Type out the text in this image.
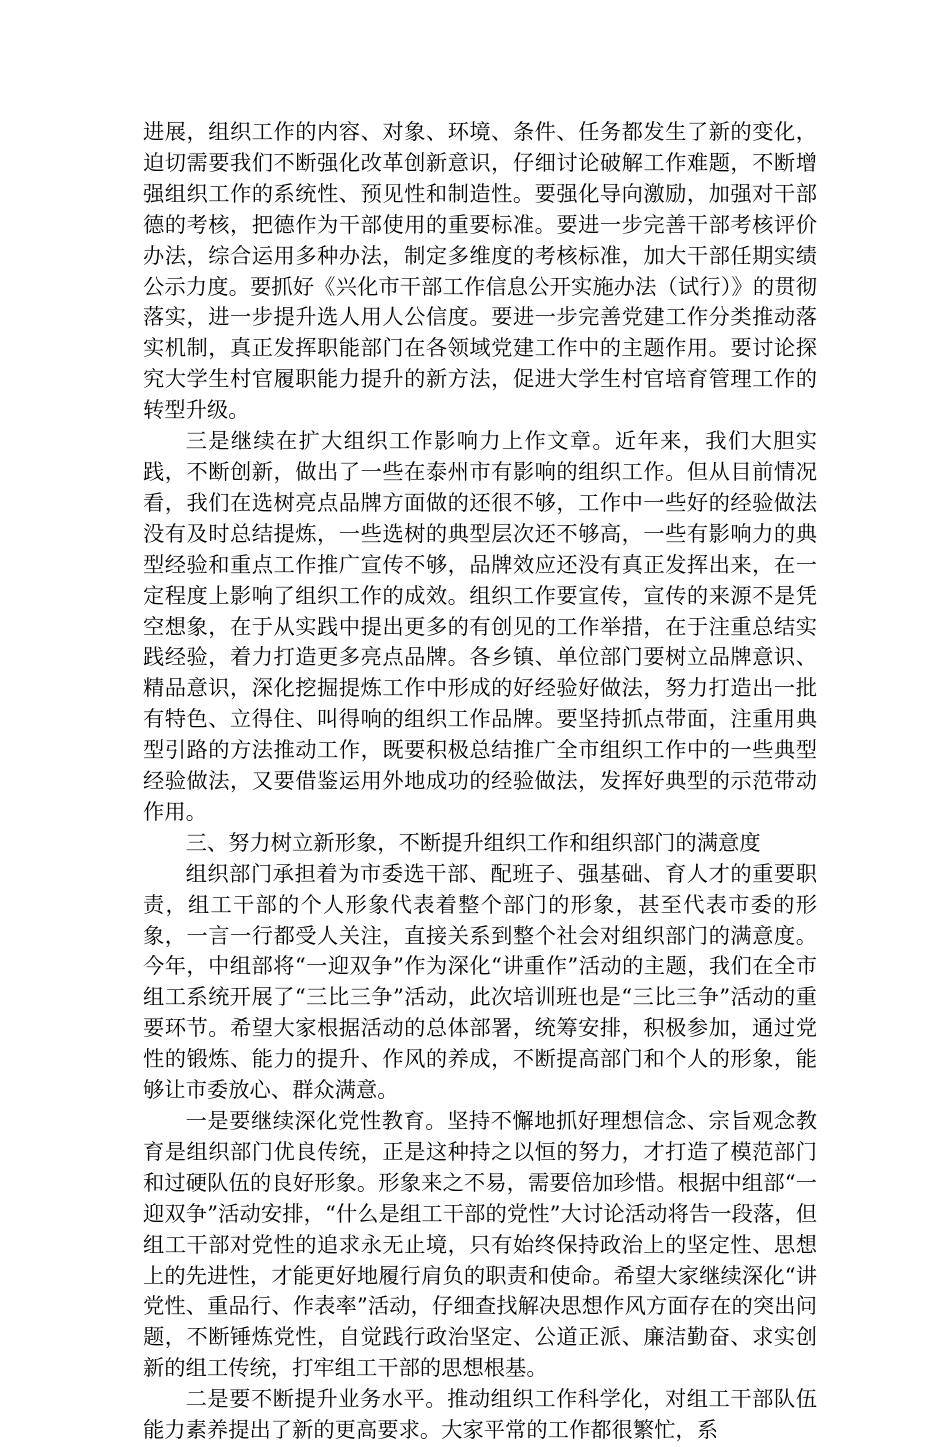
进展，组织工作的内容、对象、环境、条件、任务都发生了新的变化，迫切需要我们不断强化改革创新意识，仔细讨论破解工作难题，不断增强组织工作的系统性、预见性和制造性。要强化导向激励，加强对干部德的考核，把德作为干部使用的重要标准。要进一步完善干部考核评价办法，综合运用多种办法，制定多维度的考核标准，加大干部任期实绩公示力度。要抓好《兴化市干部工作信息公开实施办法（试行）》的贯彻落实，进一步提升选人用人公信度。要进一步完善党建工作分类推动落实机制，真正发挥职能部门在各领域党建工作中的主题作用。要讨论探究大学生村官履职能力提升的新方法，促进大学生村官培育管理工作的转型升级。

三是继续在扩大组织工作影响力上作文章。近年来，我们大胆实践，不断创新，做出了一些在泰州市有影响的组织工作。但从目前情况看，我们在选树亮点品牌方面做的还很不够，工作中一些好的经验做法没有及时总结提炼，一些选树的典型层次还不够高，一些有影响力的典型经验和重点工作推广宣传不够，品牌效应还没有真正发挥出来，在一定程度上影响了组织工作的成效。组织工作要宣传，宣传的来源不是凭空想象，在于从实践中提出更多的有创见的工作举措，在于注重总结实践经验，着力打造更多亮点品牌。各乡镇、单位部门要树立品牌意识、精品意识，深化挖掘提炼工作中形成的好经验好做法，努力打造出一批有特色、立得住、叫得响的组织工作品牌。要坚持抓点带面，注重用典型引路的方法推动工作，既要积极总结推广全市组织工作中的一些典型经验做法，又要借鉴运用外地成功的经验做法，发挥好典型的示范带动作用。

三、努力树立新形象，不断提升组织工作和组织部门的满意度

组织部门承担着为市委选干部、配班子、强基础、育人才的重要职责，组工干部的个人形象代表着整个部门的形象，甚至代表市委的形象，一言一行都受人关注，直接关系到整个社会对组织部门的满意度。今年，中组部将“一迎双争”作为深化“讲重作”活动的主题，我们在全市组工系统开展了“三比三争”活动，此次培训班也是“三比三争”活动的重要环节。希望大家根据活动的总体部署，统筹安排，积极参加，通过党性的锻炼、能力的提升、作风的养成，不断提高部门和个人的形象，能够让市委放心、群众满意。

一是要继续深化党性教育。坚持不懈地抓好理想信念、宗旨观念教育是组织部门优良传统，正是这种持之以恒的努力，才打造了模范部门和过硬队伍的良好形象。形象来之不易，需要倍加珍惜。根据中组部“一迎双争”活动安排，“什么是组工干部的党性”大讨论活动将告一段落，但组工干部对党性的追求永无止境，只有始终保持政治上的坚定性、思想上的先进性，才能更好地履行肩负的职责和使命。希望大家继续深化“讲党性、重品行、作表率”活动，仔细查找解决思想作风方面存在的突出问题，不断锤炼党性，自觉践行政治坚定、公道正派、廉洁勤奋、求实创新的组工传统，打牢组工干部的思想根基。

二是要不断提升业务水平。推动组织工作科学化，对组工干部队伍能力素养提出了新的更高要求。大家平常的工作都很繁忙，系
